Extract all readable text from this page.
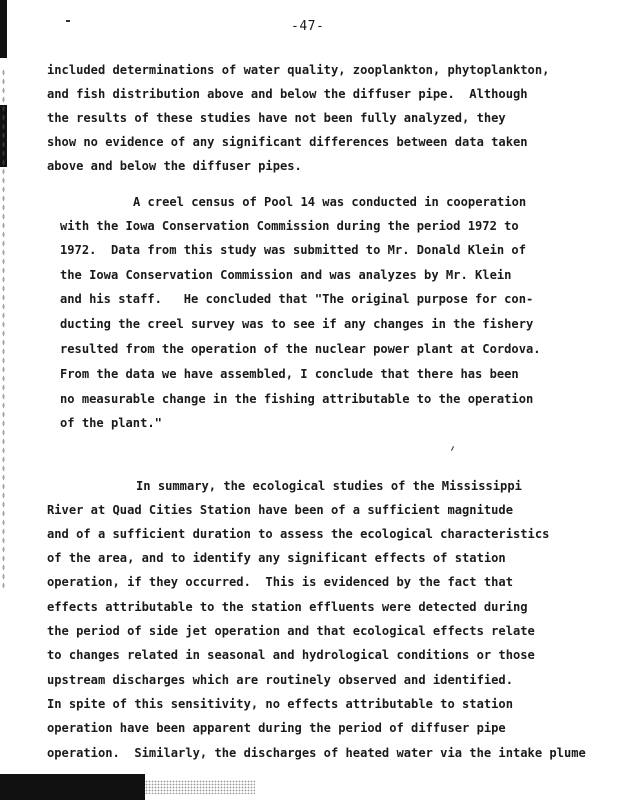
-47-
included determinations of water quality, zooplankton, phytoplankton,
and fish distribution above and below the diffuser pipe.  Although
the results of these studies have not been fully analyzed, they
show no evidence of any significant differences between data taken
above and below the diffuser pipes.
A creel census of Pool 14 was conducted in cooperation
with the Iowa Conservation Commission during the period 1972 to
1972.  Data from this study was submitted to Mr. Donald Klein of
the Iowa Conservation Commission and was analyzes by Mr. Klein
and his staff.   He concluded that "The original purpose for con-
ducting the creel survey was to see if any changes in the fishery
resulted from the operation of the nuclear power plant at Cordova.
From the data we have assembled, I conclude that there has been
no measurable change in the fishing attributable to the operation
of the plant."
In summary, the ecological studies of the Mississippi
River at Quad Cities Station have been of a sufficient magnitude
and of a sufficient duration to assess the ecological characteristics
of the area, and to identify any significant effects of station
operation, if they occurred.  This is evidenced by the fact that
effects attributable to the station effluents were detected during
the period of side jet operation and that ecological effects relate
to changes related in seasonal and hydrological conditions or those
upstream discharges which are routinely observed and identified.
In spite of this sensitivity, no effects attributable to station
operation have been apparent during the period of diffuser pipe
operation.  Similarly, the discharges of heated water via the intake plume
